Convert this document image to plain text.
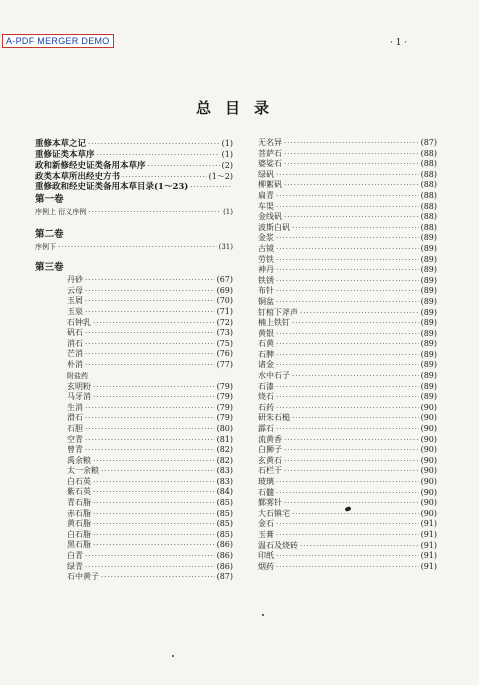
A-PDF MERGER DEMO	· 1 ·
总目录
重修本草之记 ·····	(1)
重修证类本草序 ·····	(1)
政和新修经史证类备用本草序 ·····	(2)
政类本草所出经史方书 ·····	(1～2)
重修政和经史证类备用本草目录(1～23)
·····
第一卷
序例上 衍义序例 ·····	(1)
第二卷
序例下 ·····	(31)
第三卷
丹砂 ·····	(67)
云母 ·····	(69)
玉屑 ·····	(70)
玉泉 ·····	(71)
石钟乳 ·····	(72)
矾石 ·····	(73)
消石 ·····	(75)
芒消 ·····	(76)
朴消 ·····	(77)
附盐药
玄明粉 ·····	(79)
马牙消 ·····	(79)
生消 ·····	(79)
滑石 ·····	(79)
石胆 ·····	(80)
空青 ·····	(81)
曾青 ·····	(82)
禹余粮 ·····	(82)
太一余粮 ·····	(83)
白石英 ·····	(83)
紫石英 ·····	(84)
青石脂 ·····	(85)
赤石脂 ·····	(85)
黄石脂 ·····	(85)
白石脂 ·····	(85)
黑石脂 ·····	(86)
白青 ·····	(86)
绿青 ·····	(86)
石中黄子 ·····	(87)
无名异 ·····	(87)
菩萨石 ·····	(88)
婆娑石 ·····	(88)
绿矾 ·····	(88)
柳絮矾 ·····	(88)
扁青 ·····	(88)
车渠 ·····	(88)
金线矾 ·····	(88)
波斯白矾 ·····	(88)
金浆 ·····	(89)
古镜 ·····	(89)
劳铁 ·····	(89)
神丹 ·····	(89)
铁锈 ·····	(89)
布针 ·····	(89)
铜盆 ·····	(89)
钉棺下斧声 ·····	(89)
楠上铁钉 ·····	(89)
黄银 ·····	(89)
石黄 ·····	(89)
石脾 ·····	(89)
诸金 ·····	(89)
水中石子 ·····	(89)
石漆 ·····	(89)
烧石 ·····	(89)
石药 ·····	(90)
研朱石槌 ·····	(90)
霹石 ·····	(90)
流黄香 ·····	(90)
白狮子 ·····	(90)
玄黄石 ·····	(90)
石栏干 ·····	(90)
玻璃 ·····	(90)
石髓 ·····	(90)
鄞雾针 ·····	(90)
大石镇宅 ·····	(90)
金石 ·····	(91)
玉膏 ·····	(91)
温石及烧砖 ·····	(91)
印纸 ·····	(91)
烟药 ·····	(91)
